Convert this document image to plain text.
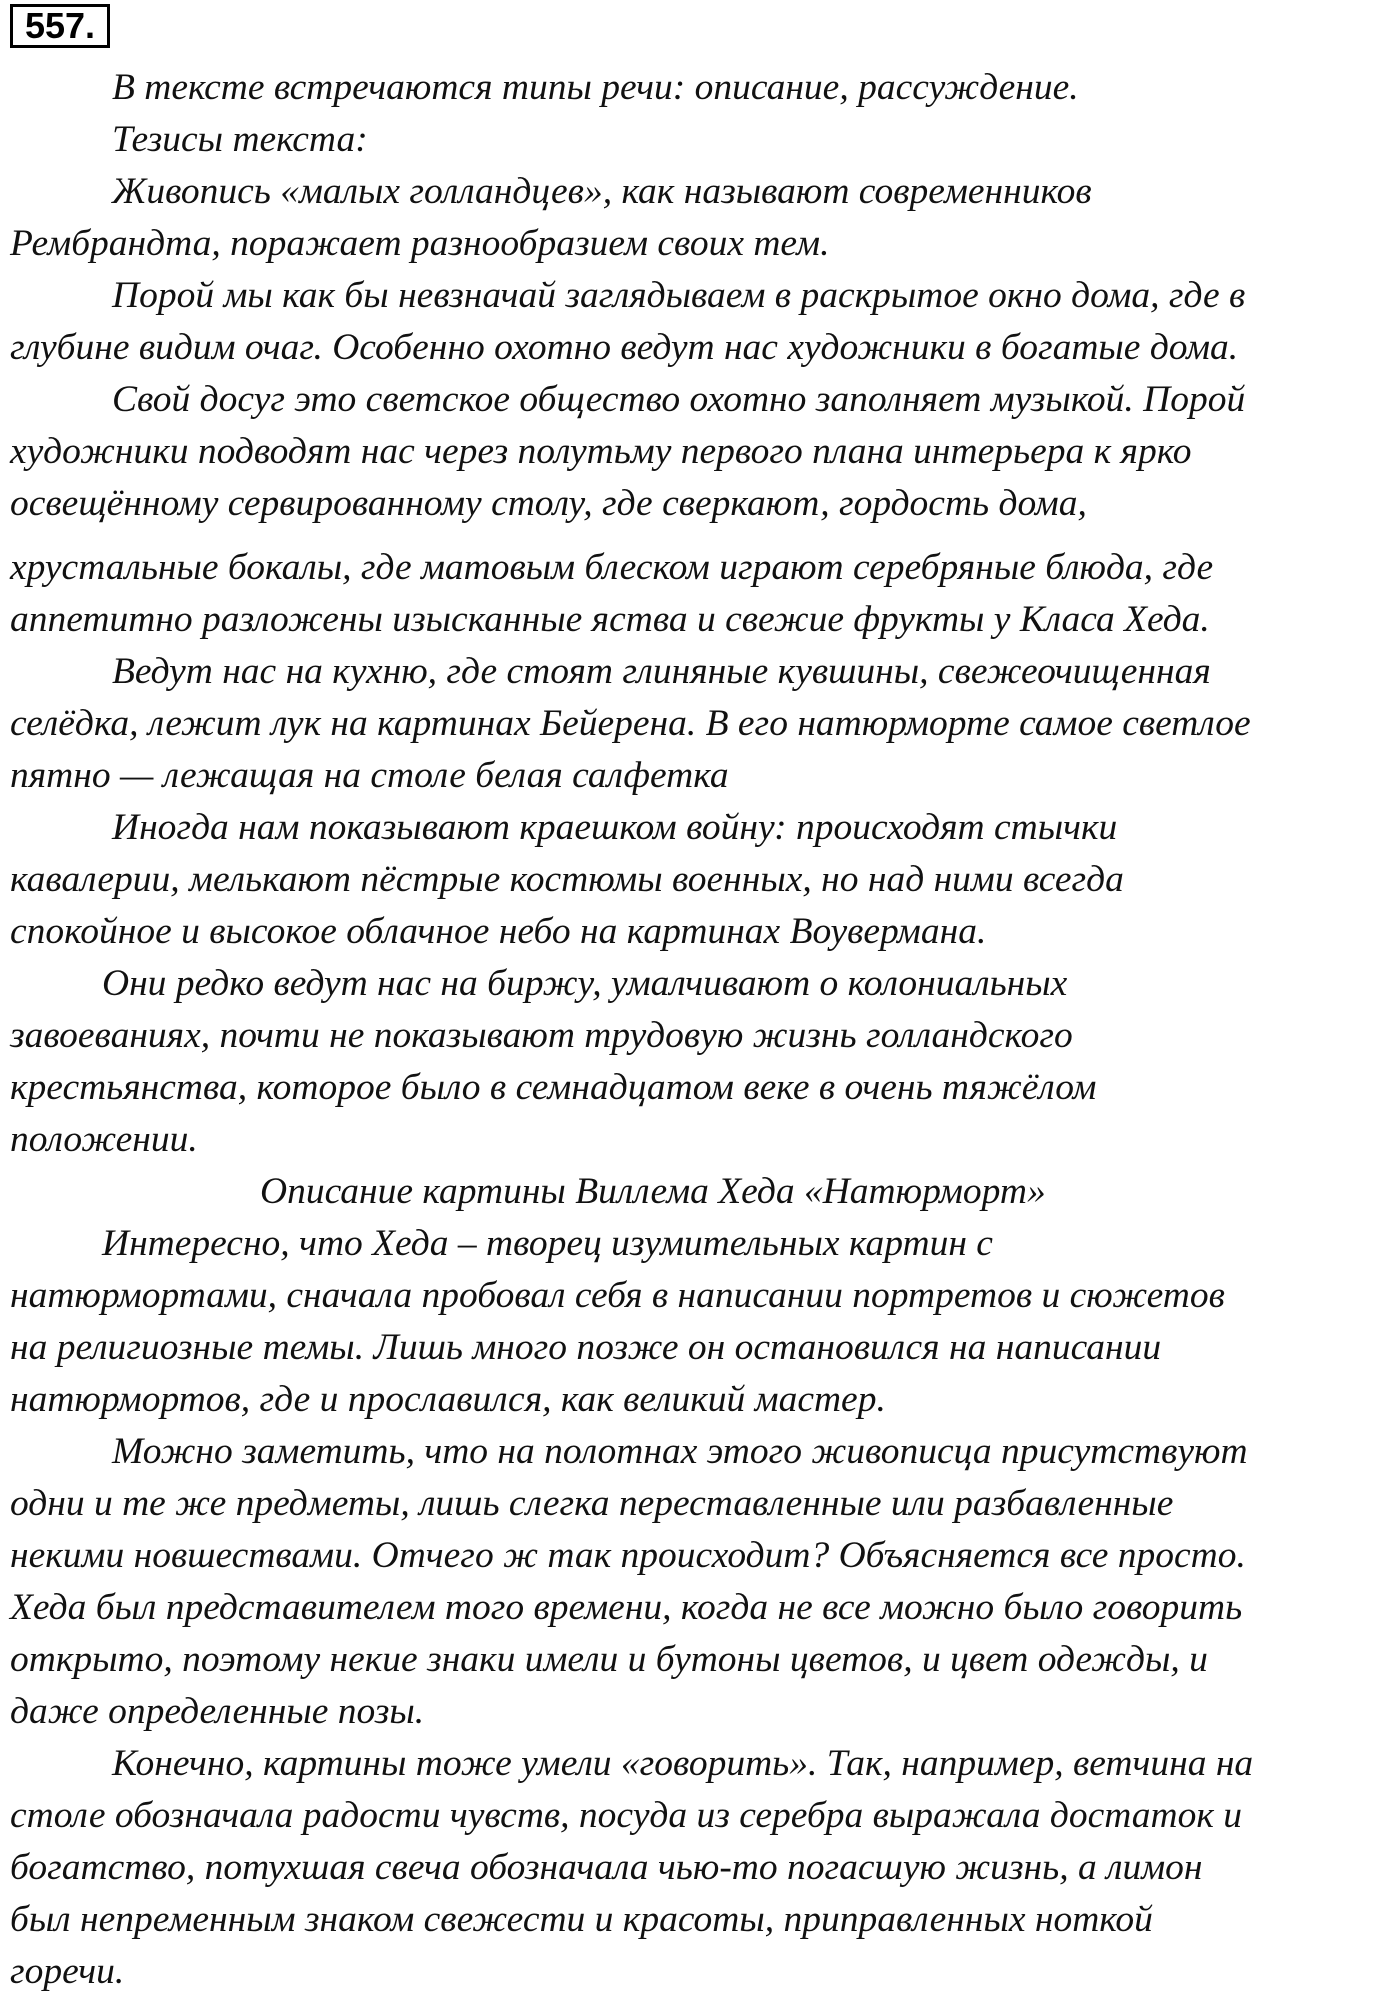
557.
В тексте встречаются типы речи: описание, рассуждение.
Тезисы текста:
Живопись «малых голландцев», как называют современников
Рембрандта, поражает разнообразием своих тем.
Порой мы как бы невзначай заглядываем в раскрытое окно дома, где в
глубине видим очаг. Особенно охотно ведут нас художники в богатые дома.
Свой досуг это светское общество охотно заполняет музыкой. Порой
художники подводят нас через полутьму первого плана интерьера к ярко
освещённому сервированному столу, где сверкают, гордость дома,
хрустальные бокалы, где матовым блеском играют серебряные блюда, где
аппетитно разложены изысканные яства и свежие фрукты у Класа Хеда.
Ведут нас на кухню, где стоят глиняные кувшины, свежеочищенная
селёдка, лежит лук на картинах Бейерена. В его натюрморте самое светлое
пятно — лежащая на столе белая салфетка
Иногда нам показывают краешком войну: происходят стычки
кавалерии, мелькают пёстрые костюмы военных, но над ними всегда
спокойное и высокое облачное небо на картинах Воувермана.
Они редко ведут нас на биржу, умалчивают о колониальных
завоеваниях, почти не показывают трудовую жизнь голландского
крестьянства, которое было в семнадцатом веке в очень тяжёлом
положении.
Описание картины Виллема Хеда «Натюрморт»
Интересно, что Хеда – творец изумительных картин с
натюрмортами, сначала пробовал себя в написании портретов и сюжетов
на религиозные темы. Лишь много позже он остановился на написании
натюрмортов, где и прославился, как великий мастер.
Можно заметить, что на полотнах этого живописца присутствуют
одни и те же предметы, лишь слегка переставленные или разбавленные
некими новшествами. Отчего ж так происходит? Объясняется все просто.
Хеда был представителем того времени, когда не все можно было говорить
открыто, поэтому некие знаки имели и бутоны цветов, и цвет одежды, и
даже определенные позы.
Конечно, картины тоже умели «говорить». Так, например, ветчина на
столе обозначала радости чувств, посуда из серебра выражала достаток и
богатство, потухшая свеча обозначала чью-то погасшую жизнь, а лимон
был непременным знаком свежести и красоты, приправленных ноткой
горечи.
